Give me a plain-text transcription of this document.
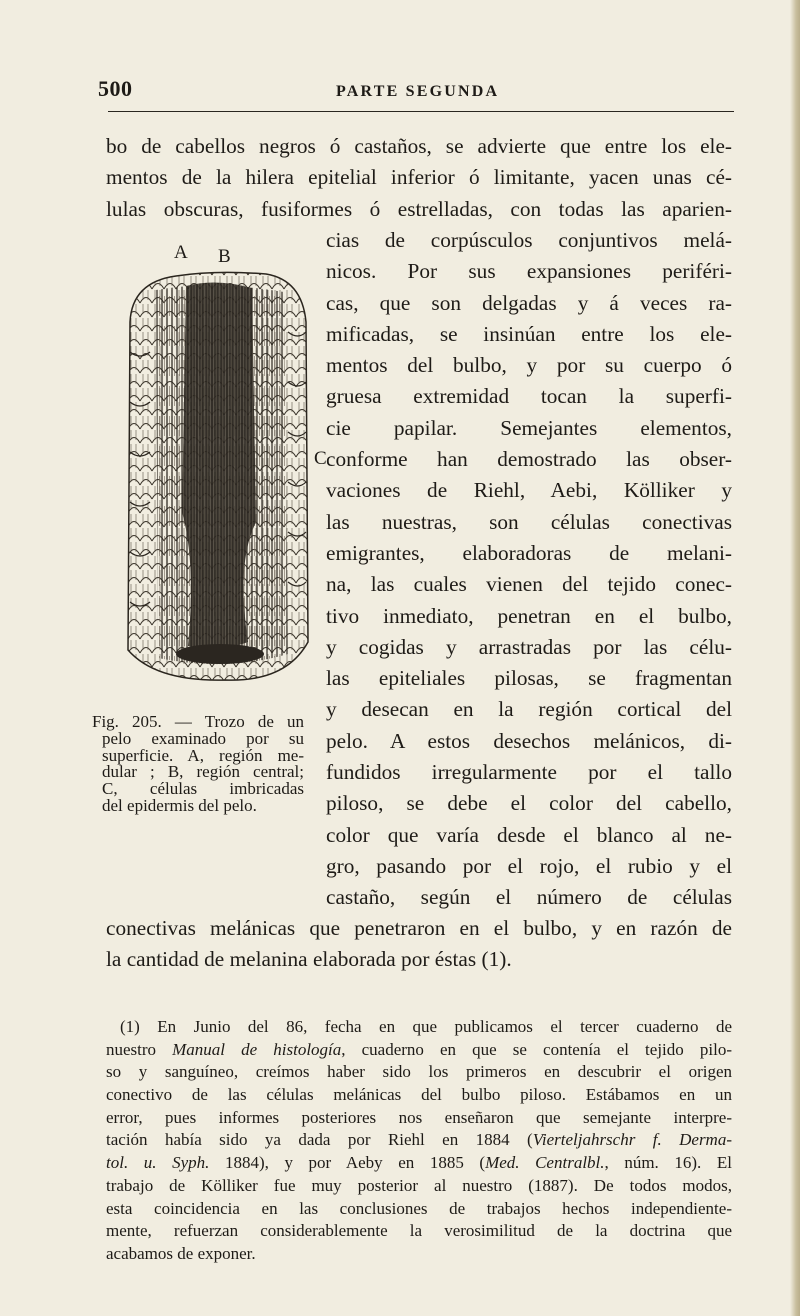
500	PARTE SEGUNDA
bo de cabellos negros ó castaños, se advierte que entre los ele-
mentos de la hilera epitelial inferior ó limitante, yacen unas cé-
lulas obscuras, fusiformes ó estrelladas, con todas las aparien-
cias de corpúsculos conjuntivos melá-
nicos. Por sus expansiones periféri-
cas, que son delgadas y á veces ra-
mificadas, se insinúan entre los ele-
mentos del bulbo, y por su cuerpo ó
gruesa extremidad tocan la superfi-
cie papilar. Semejantes elementos,
conforme han demostrado las obser-
vaciones de Riehl, Aebi, Kölliker y
las nuestras, son células conectivas
emigrantes, elaboradoras de melani-
na, las cuales vienen del tejido conec-
tivo inmediato, penetran en el bulbo,
y cogidas y arrastradas por las célu-
las epiteliales pilosas, se fragmentan
y desecan en la región cortical del
pelo. A estos desechos melánicos, di-
fundidos irregularmente por el tallo
piloso, se debe el color del cabello,
color que varía desde el blanco al ne-
gro, pasando por el rojo, el rubio y el
castaño, según el número de células
A B
C
Fig. 205. — Trozo de un
pelo examinado por su
superficie. A, región me-
dular ; B, región central;
C, células imbricadas
del epidermis del pelo.
conectivas melánicas que penetraron en el bulbo, y en razón de
la cantidad de melanina elaborada por éstas (1).
(1) En Junio del 86, fecha en que publicamos el tercer cuaderno de
nuestro Manual de histología, cuaderno en que se contenía el tejido pilo-
so y sanguíneo, creímos haber sido los primeros en descubrir el origen
conectivo de las células melánicas del bulbo piloso. Estábamos en un
error, pues informes posteriores nos enseñaron que semejante interpre-
tación había sido ya dada por Riehl en 1884 (Vierteljahrschr f. Derma-
tol. u. Syph. 1884), y por Aeby en 1885 (Med. Centralbl., núm. 16). El
trabajo de Kölliker fue muy posterior al nuestro (1887). De todos modos,
esta coincidencia en las conclusiones de trabajos hechos independiente-
mente, refuerzan considerablemente la verosimilitud de la doctrina que
acabamos de exponer.
